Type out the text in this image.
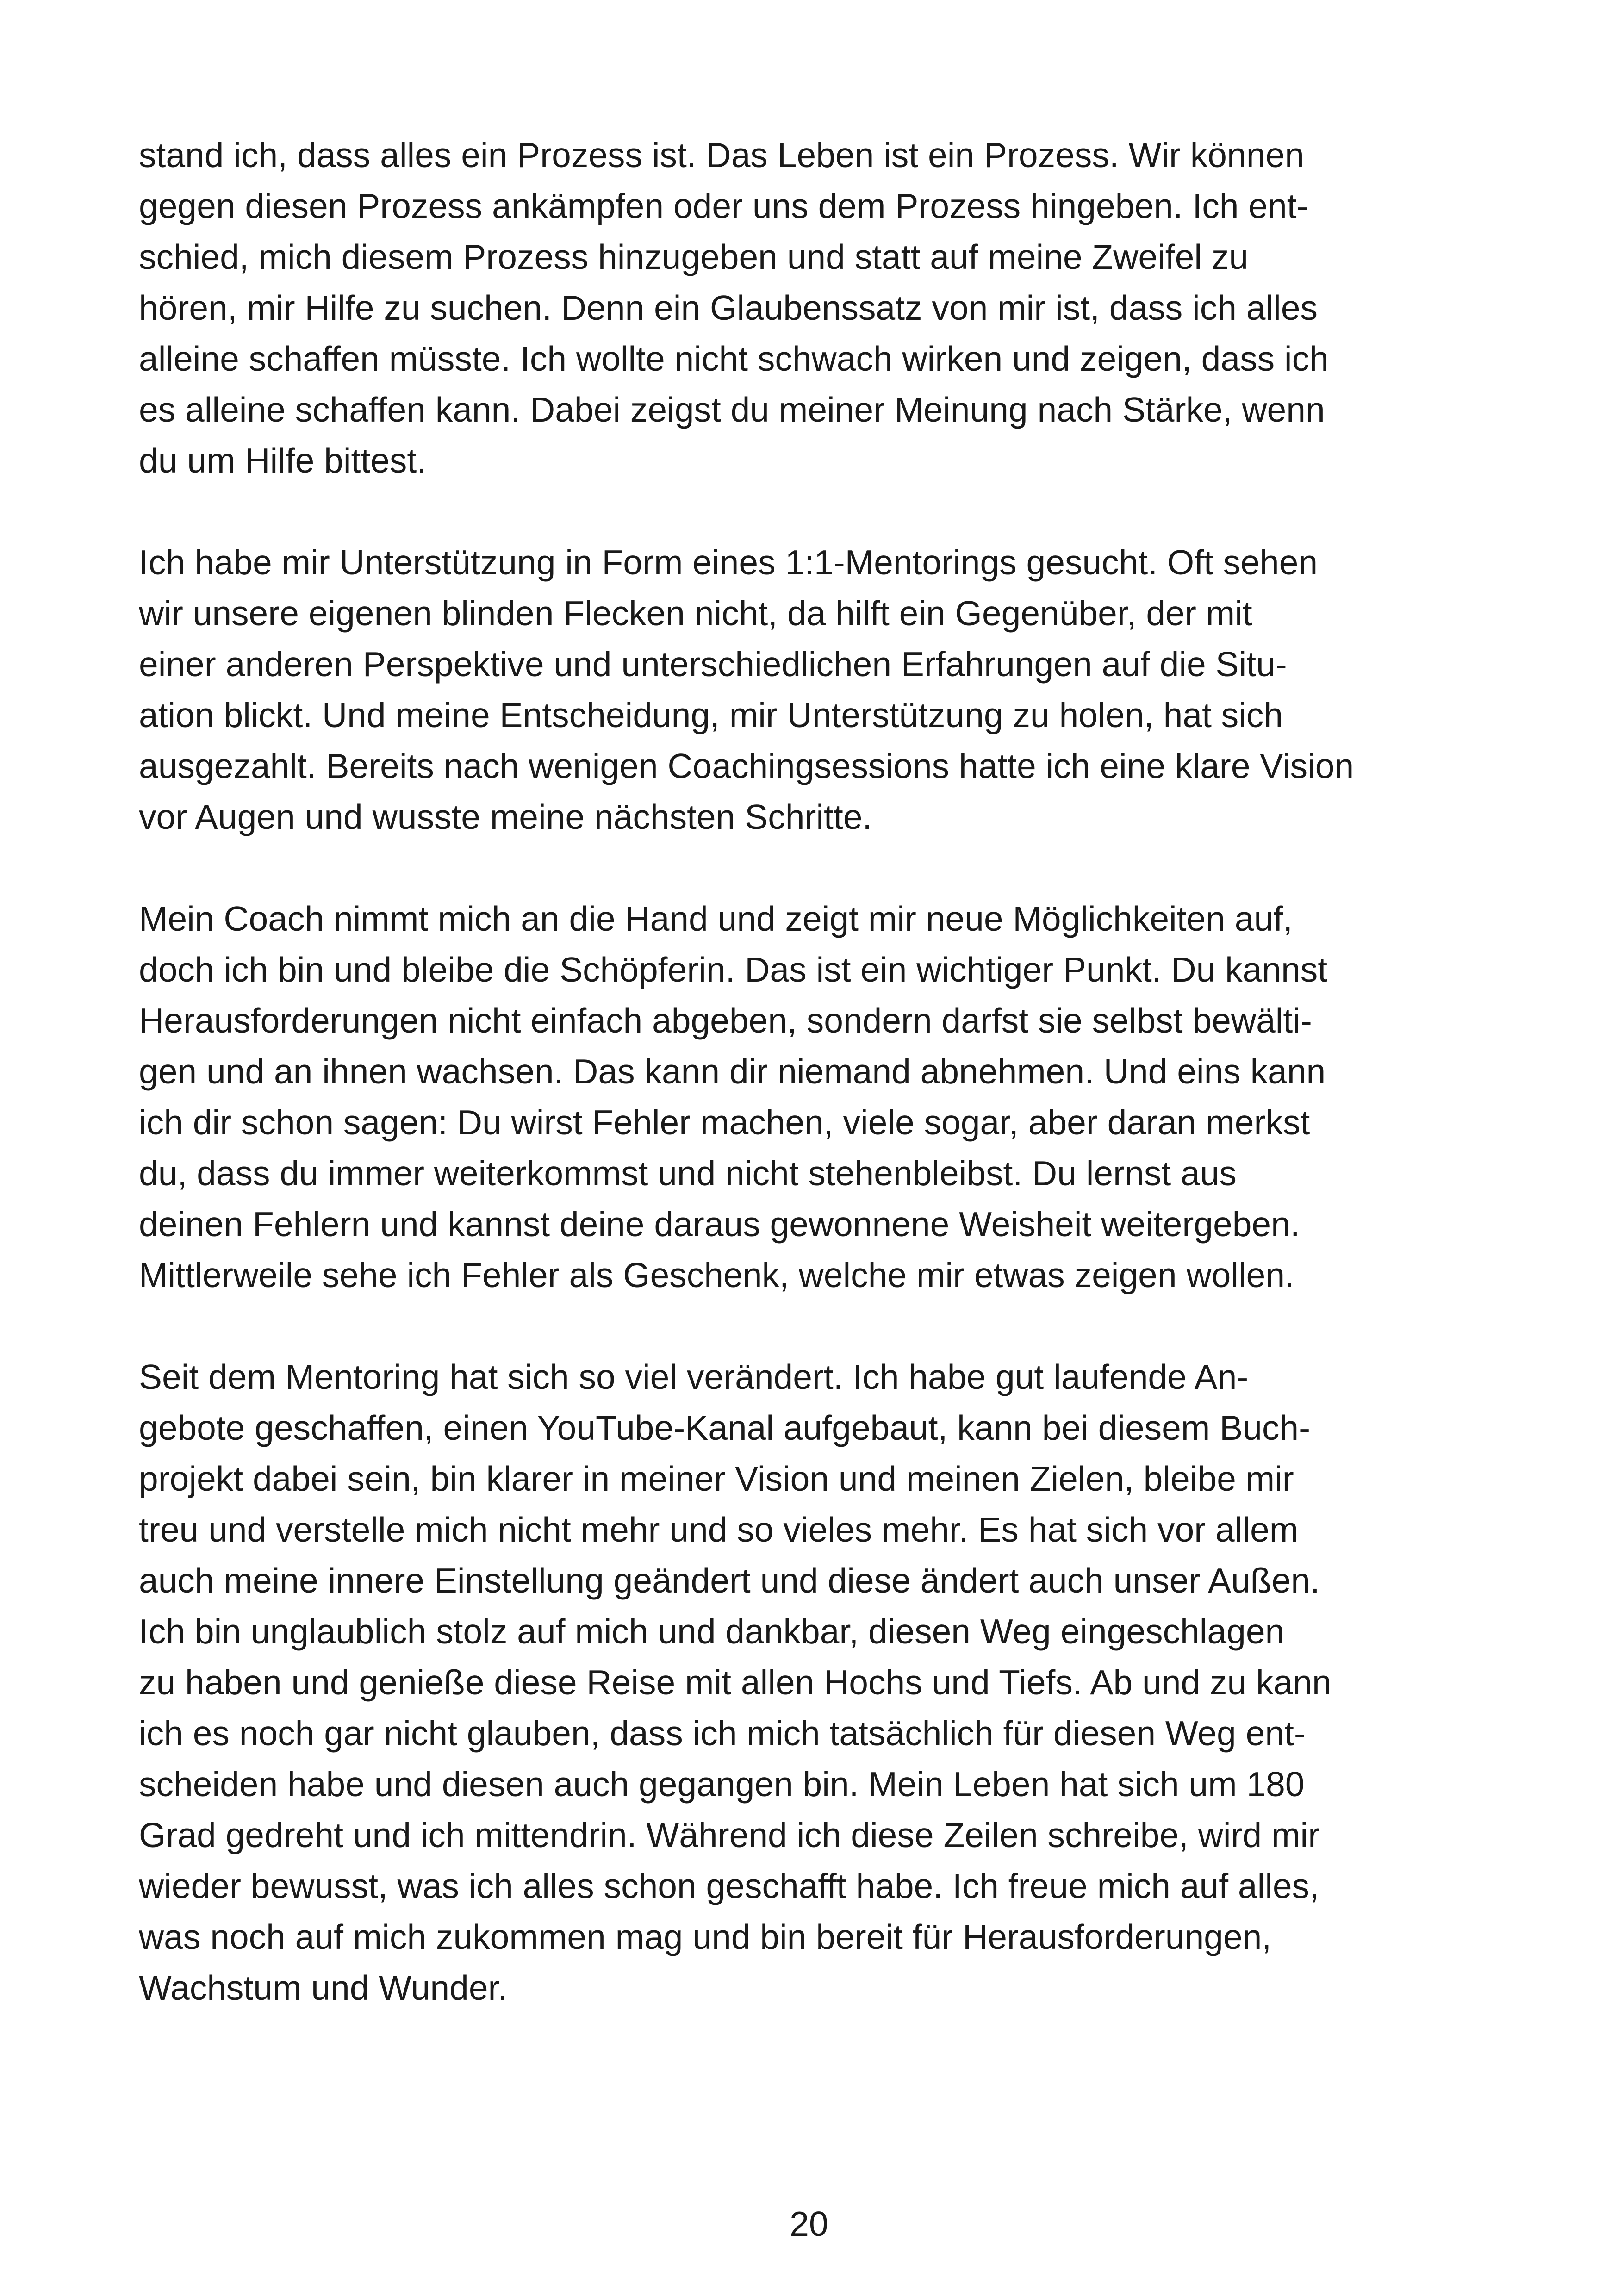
stand ich, dass alles ein Prozess ist. Das Leben ist ein Prozess. Wir können
gegen diesen Prozess ankämpfen oder uns dem Prozess hingeben. Ich ent-
schied, mich diesem Prozess hinzugeben und statt auf meine Zweifel zu
hören, mir Hilfe zu suchen. Denn ein Glaubenssatz von mir ist, dass ich alles
alleine schaffen müsste. Ich wollte nicht schwach wirken und zeigen, dass ich
es alleine schaffen kann. Dabei zeigst du meiner Meinung nach Stärke, wenn
du um Hilfe bittest.
Ich habe mir Unterstützung in Form eines 1:1-Mentorings gesucht. Oft sehen
wir unsere eigenen blinden Flecken nicht, da hilft ein Gegenüber, der mit
einer anderen Perspektive und unterschiedlichen Erfahrungen auf die Situ-
ation blickt. Und meine Entscheidung, mir Unterstützung zu holen, hat sich
ausgezahlt. Bereits nach wenigen Coachingsessions hatte ich eine klare Vision
vor Augen und wusste meine nächsten Schritte.
Mein Coach nimmt mich an die Hand und zeigt mir neue Möglichkeiten auf,
doch ich bin und bleibe die Schöpferin. Das ist ein wichtiger Punkt. Du kannst
Herausforderungen nicht einfach abgeben, sondern darfst sie selbst bewälti-
gen und an ihnen wachsen. Das kann dir niemand abnehmen. Und eins kann
ich dir schon sagen: Du wirst Fehler machen, viele sogar, aber daran merkst
du, dass du immer weiterkommst und nicht stehenbleibst. Du lernst aus
deinen Fehlern und kannst deine daraus gewonnene Weisheit weitergeben.
Mittlerweile sehe ich Fehler als Geschenk, welche mir etwas zeigen wollen.
Seit dem Mentoring hat sich so viel verändert. Ich habe gut laufende An-
gebote geschaffen, einen YouTube-Kanal aufgebaut, kann bei diesem Buch-
projekt dabei sein, bin klarer in meiner Vision und meinen Zielen, bleibe mir
treu und verstelle mich nicht mehr und so vieles mehr. Es hat sich vor allem
auch meine innere Einstellung geändert und diese ändert auch unser Außen.
Ich bin unglaublich stolz auf mich und dankbar, diesen Weg eingeschlagen
zu haben und genieße diese Reise mit allen Hochs und Tiefs. Ab und zu kann
ich es noch gar nicht glauben, dass ich mich tatsächlich für diesen Weg ent-
scheiden habe und diesen auch gegangen bin. Mein Leben hat sich um 180
Grad gedreht und ich mittendrin. Während ich diese Zeilen schreibe, wird mir
wieder bewusst, was ich alles schon geschafft habe. Ich freue mich auf alles,
was noch auf mich zukommen mag und bin bereit für Herausforderungen,
Wachstum und Wunder.
20
